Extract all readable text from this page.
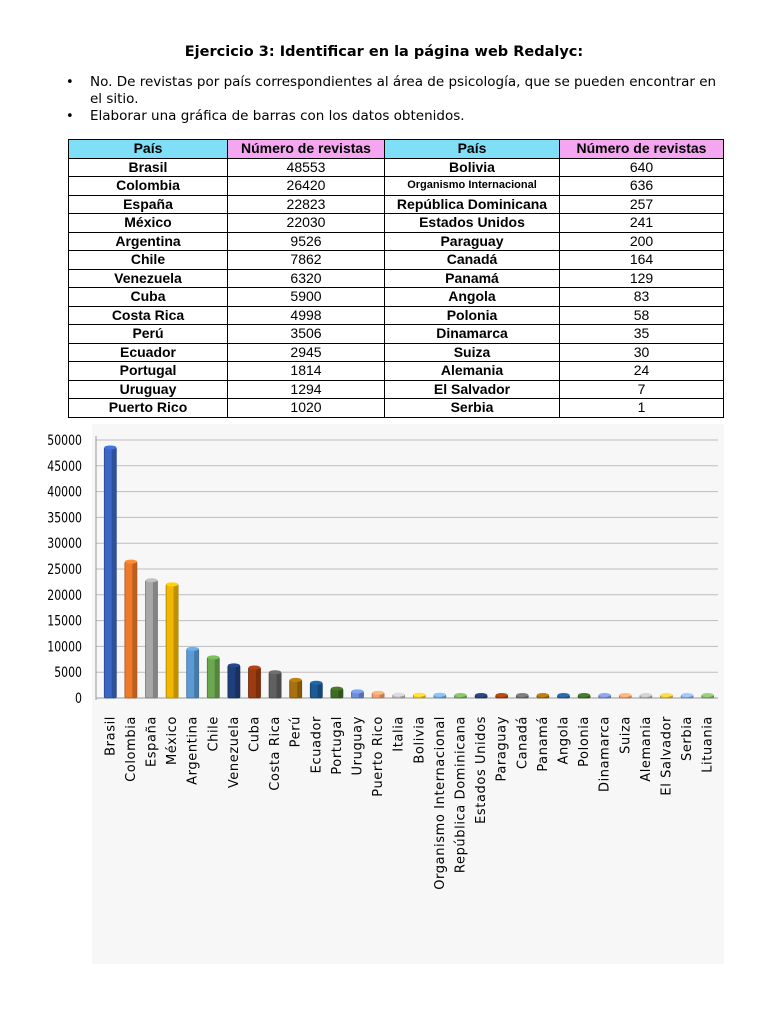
Ejercicio 3: Identificar en la página web Redalyc:
• No. De revistas por país correspondientes al área de psicología, que se pueden encontrar en el sitio.
• Elaborar una gráfica de barras con los datos obtenidos.
País	Número de revistas	País	Número de revistas
Brasil	48553	Bolivia	640
Colombia	26420	Organismo Internacional	636
España	22823	República Dominicana	257
México	22030	Estados Unidos	241
Argentina	9526	Paraguay	200
Chile	7862	Canadá	164
Venezuela	6320	Panamá	129
Cuba	5900	Angola	83
Costa Rica	4998	Polonia	58
Perú	3506	Dinamarca	35
Ecuador	2945	Suiza	30
Portugal	1814	Alemania	24
Uruguay	1294	El Salvador	7
Puerto Rico	1020	Serbia	1
0
5000
10000
15000
20000
25000
30000
35000
40000
45000
50000
Brasil Colombia España México Argentina Chile Venezuela Cuba Costa Rica Perú Ecuador Portugal Uruguay Puerto Rico Italia Bolivia Organismo Internacional República Dominicana Estados Unidos Paraguay Canadá Panamá Angola Polonia Dinamarca Suiza Alemania El Salvador Serbia Lituania
